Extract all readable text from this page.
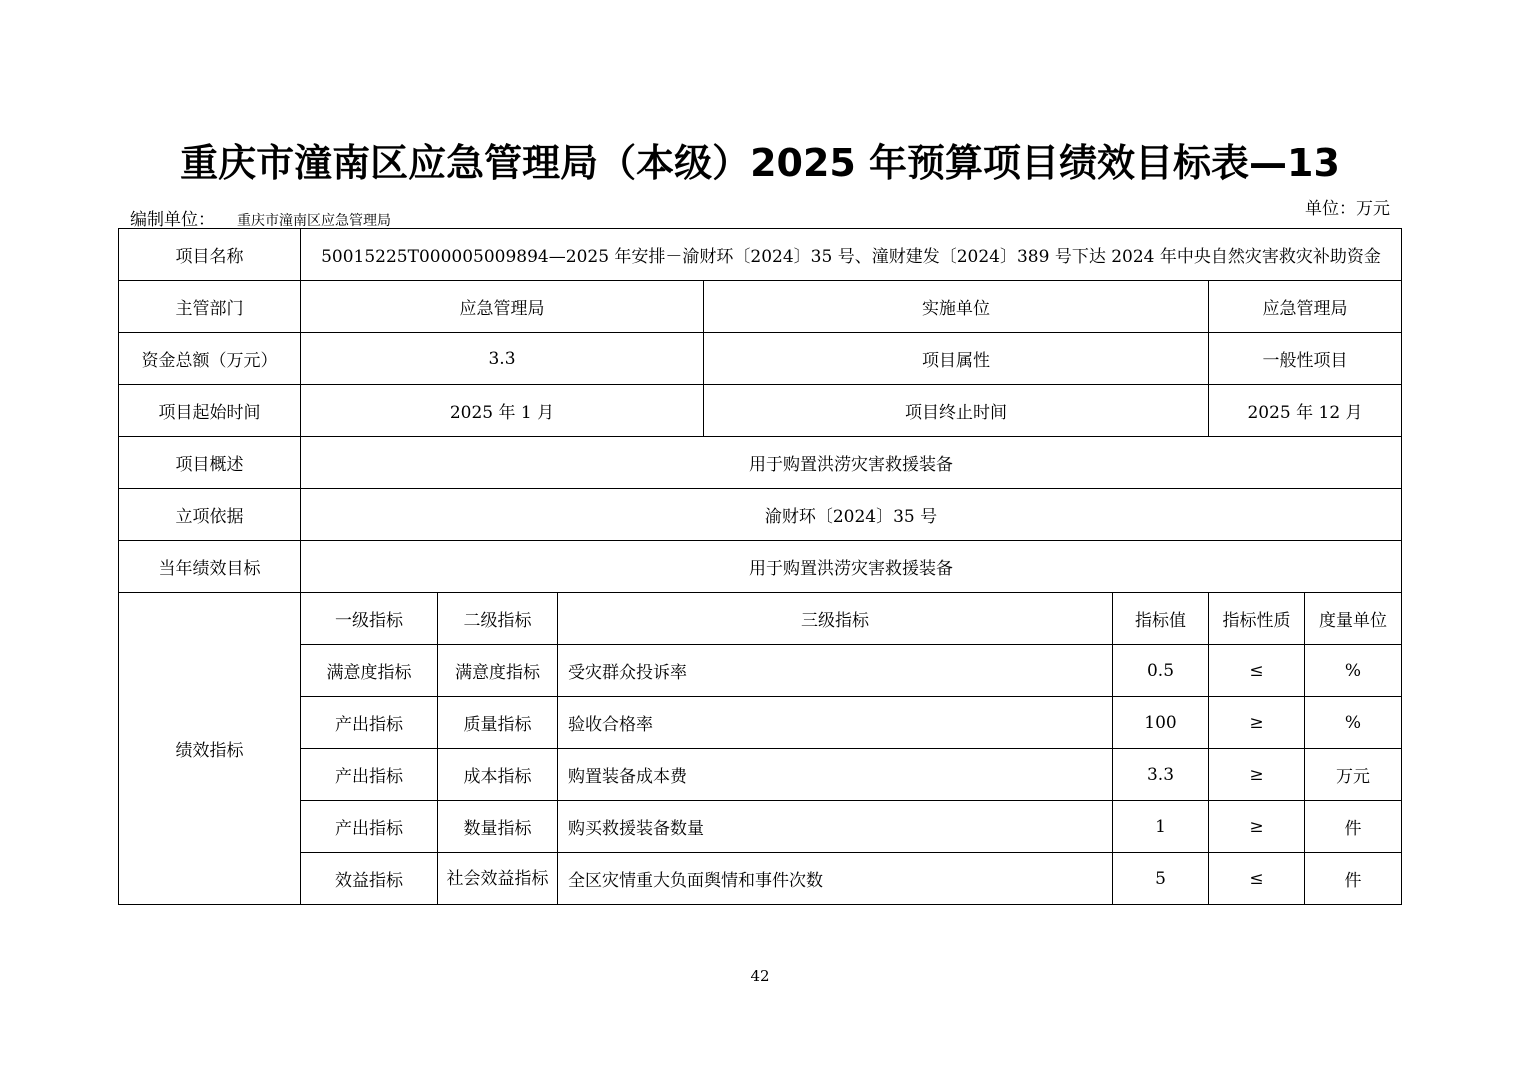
重庆市潼南区应急管理局（本级）2025 年预算项目绩效目标表—13
编制单位： 重庆市潼南区应急管理局
单位：万元
项目名称	50015225T000005009894—2025 年安排－渝财环〔2024〕35 号、潼财建发〔2024〕389 号下达 2024 年中央自然灾害救灾补助资金						
主管部门	应急管理局			实施单位		应急管理局	
资金总额（万元）	3.3			项目属性		一般性项目	
项目起始时间	2025 年 1 月			项目终止时间		2025 年 12 月	
项目概述	用于购置洪涝灾害救援装备						
立项依据	渝财环〔2024〕35 号						
当年绩效目标	用于购置洪涝灾害救援装备						
绩效指标	一级指标	二级指标	三级指标		指标值	指标性质	度量单位
	满意度指标	满意度指标	受灾群众投诉率		0.5	≤	%
	产出指标	质量指标	验收合格率		100	≥	%
	产出指标	成本指标	购置装备成本费		3.3	≥	万元
	产出指标	数量指标	购买救援装备数量		1	≥	件
	效益指标	社会效益指标	全区灾情重大负面舆情和事件次数		5	≤	件
42
